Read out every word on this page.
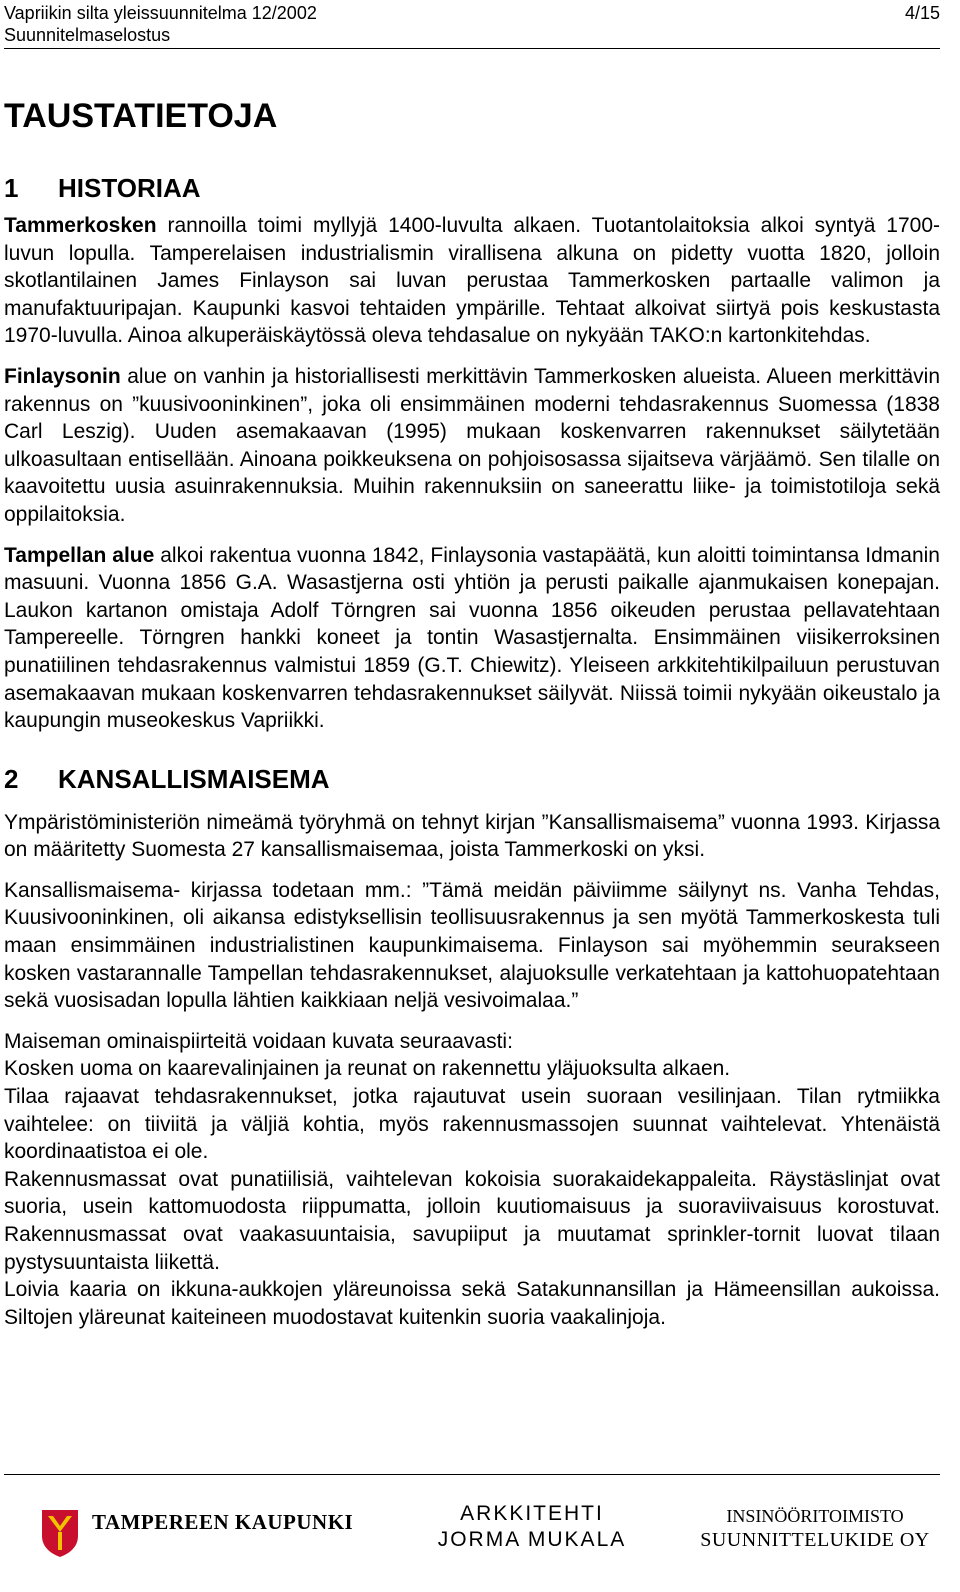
Vapriikin silta yleissuunnitelma 12/2002
Suunnitelmaselostus
4/15
TAUSTATIETOJA
1 HISTORIAA

Tammerkosken rannoilla toimi myllyjä 1400-luvulta alkaen. Tuotantolaitoksia alkoi syntyä 1700-luvun lopulla. Tamperelaisen industrialismin virallisena alkuna on pidetty vuotta 1820, jolloin skotlantilainen James Finlayson sai luvan perustaa Tammerkosken partaalle valimon ja manufaktuuripajan. Kaupunki kasvoi tehtaiden ympärille. Tehtaat alkoivat siirtyä pois keskustasta 1970-luvulla. Ainoa alkuperäiskäytössä oleva tehdasalue on nykyään TAKO:n kartonkitehdas.

Finlaysonin alue on vanhin ja historiallisesti merkittävin Tammerkosken alueista. Alueen merkittävin rakennus on ”kuusivooninkinen”, joka oli ensimmäinen moderni tehdasrakennus Suomessa (1838 Carl Leszig). Uuden asemakaavan (1995) mukaan koskenvarren rakennukset säilytetään ulkoasultaan entisellään. Ainoana poikkeuksena on pohjoisosassa sijaitseva värjäämö. Sen tilalle on kaavoitettu uusia asuinrakennuksia. Muihin rakennuksiin on saneerattu liike- ja toimistotiloja sekä oppilaitoksia.

Tampellan alue alkoi rakentua vuonna 1842, Finlaysonia vastapäätä, kun aloitti toimintansa Idmanin masuuni. Vuonna 1856 G.A. Wasastjerna osti yhtiön ja perusti paikalle ajanmukaisen konepajan. Laukon kartanon omistaja Adolf Törngren sai vuonna 1856 oikeuden perustaa pellavatehtaan Tampereelle. Törngren hankki koneet ja tontin Wasastjernalta. Ensimmäinen viisikerroksinen punatiilinen tehdasrakennus valmistui 1859 (G.T. Chiewitz). Yleiseen arkkitehtikilpailuun perustuvan asemakaavan mukaan koskenvarren tehdasrakennukset säilyvät. Niissä toimii nykyään oikeustalo ja kaupungin museokeskus Vapriikki.

2 KANSALLISMAISEMA

Ympäristöministeriön nimeämä työryhmä on tehnyt kirjan ”Kansallismaisema” vuonna 1993. Kirjassa on määritetty Suomesta 27 kansallismaisemaa, joista Tammerkoski on yksi.

Kansallismaisema- kirjassa todetaan mm.: ”Tämä meidän päiviimme säilynyt ns. Vanha Tehdas, Kuusivooninkinen, oli aikansa edistyksellisin teollisuusrakennus ja sen myötä Tammerkoskesta tuli maan ensimmäinen industrialistinen kaupunkimaisema. Finlayson sai myöhemmin seurakseen kosken vastarannalle Tampellan tehdasrakennukset, alajuoksulle verkatehtaan ja kattohuopatehtaan sekä vuosisadan lopulla lähtien kaikkiaan neljä vesivoimalaa.”

Maiseman ominaispiirteitä voidaan kuvata seuraavasti:

Kosken uoma on kaarevalinjainen ja reunat on rakennettu yläjuoksulta alkaen.

Tilaa rajaavat tehdasrakennukset, jotka rajautuvat usein suoraan vesilinjaan. Tilan rytmiikka vaihtelee: on tiiviitä ja väljiä kohtia, myös rakennusmassojen suunnat vaihtelevat. Yhtenäistä koordinaatistoa ei ole.

Rakennusmassat ovat punatiilisiä, vaihtelevan kokoisia suorakaidekappaleita. Räystäslinjat ovat suoria, usein kattomuodosta riippumatta, jolloin kuutiomaisuus ja suoraviivaisuus korostuvat. Rakennusmassat ovat vaakasuuntaisia, savupiiput ja muutamat sprinkler-tornit luovat tilaan pystysuuntaista liikettä.

Loivia kaaria on ikkuna-aukkojen yläreunoissa sekä Satakunnansillan ja Hämeensillan aukoissa. Siltojen yläreunat kaiteineen muodostavat kuitenkin suoria vaakalinjoja.

TAMPEREEN KAUPUNKI	ARKKITEHTI
JORMA MUKALA
INSINÖÖRITOIMISTO
SUUNNITTELUKIDE OY
